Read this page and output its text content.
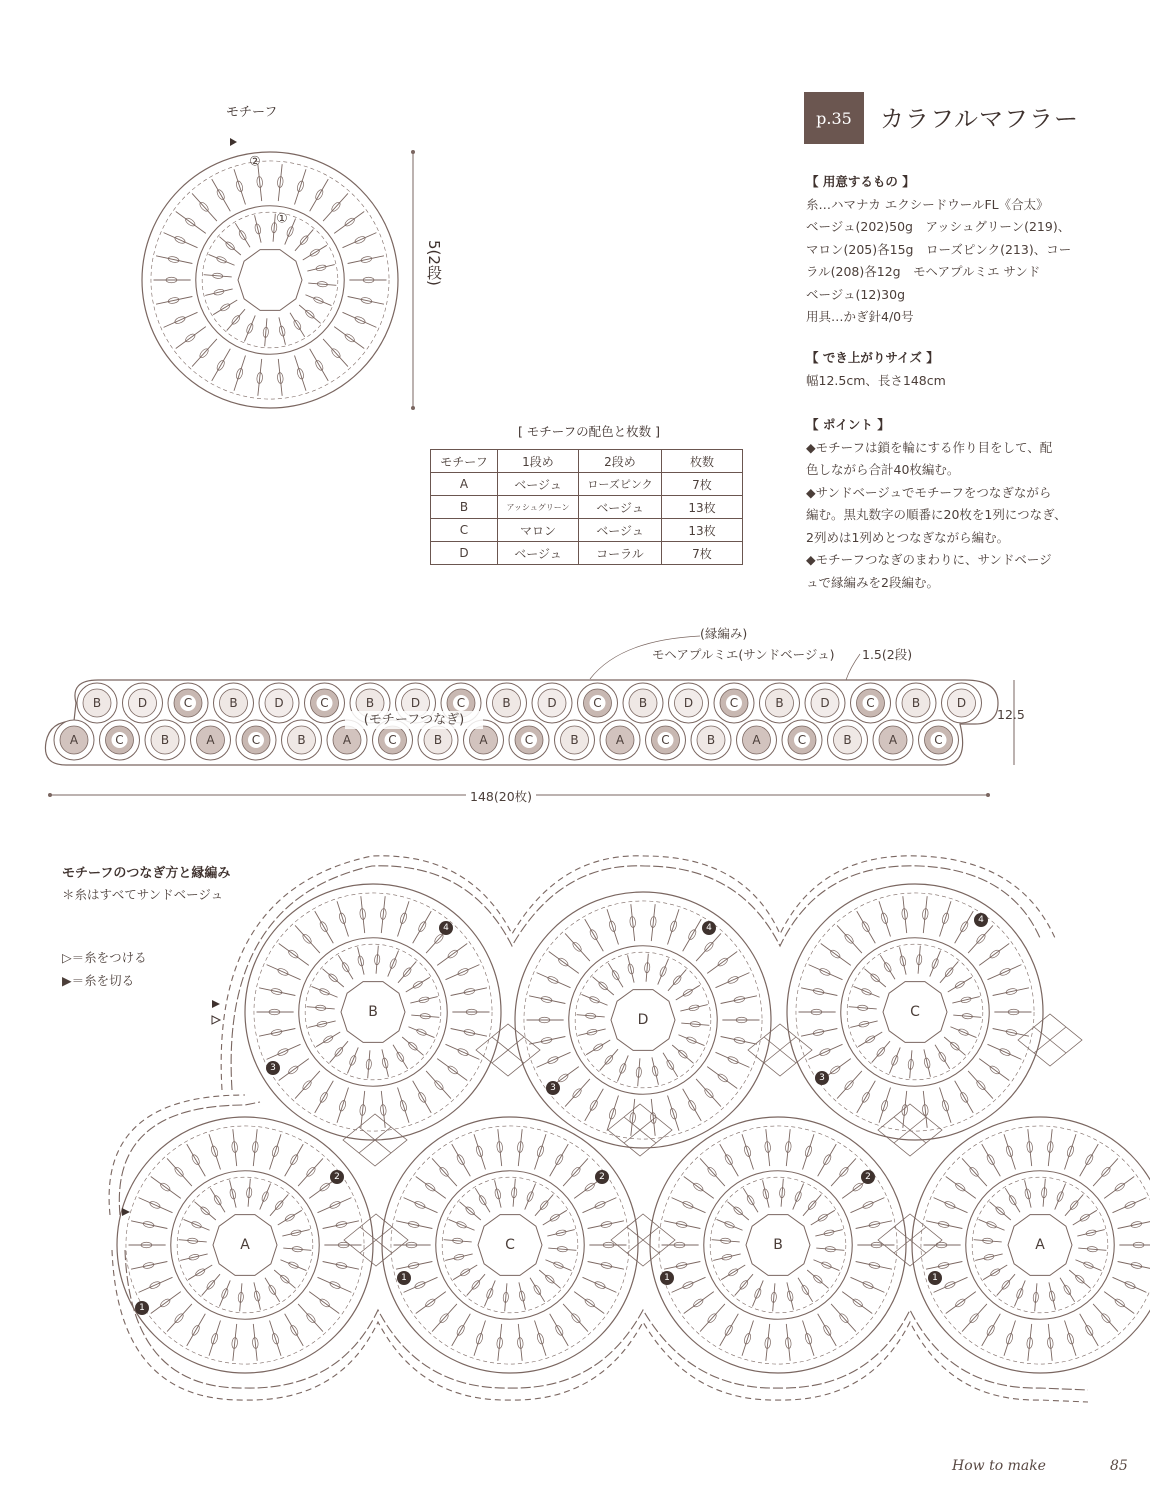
②
①
B	D	C	B	D	C	B	D	C	B	D	C	B	D	C	B	D	C	B	D
A	C	B	A	C	B	A	C	B	A	C	B	A	C	B	A	C	B	A	C
(モチーフつなぎ)
B	D	C
A	C	B	A
4
3
4
3
4
3
2
1
2
1
2
1	1
モチーフ
5(2段)
p.35	カラフルマフラー
【 用意するもの 】
糸…ハマナカ エクシードウールFL《合太》
ベージュ(202)50g　アッシュグリーン(219)、
マロン(205)各15g　ローズピンク(213)、コー
ラル(208)各12g　モヘアプルミエ サンド
ベージュ(12)30g
用具…かぎ針4/0号
【 でき上がりサイズ 】
幅12.5cm、長さ148cm
【 ポイント 】
◆モチーフは鎖を輪にする作り目をして、配
色しながら合計40枚編む。
◆サンドベージュでモチーフをつなぎながら
編む。黒丸数字の順番に20枚を1列につなぎ、
2列めは1列めとつなぎながら編む。
◆モチーフつなぎのまわりに、サンドベージ
ュで縁編みを2段編む。
[ モチーフの配色と枚数 ]
モチーフ	1段め	2段め	枚数
A	ベージュ	ローズピンク	7枚
B	アッシュグリーン	ベージュ	13枚
C	マロン	ベージュ	13枚
D	ベージュ	コーラル	7枚
(縁編み)
モヘアプルミエ(サンドベージュ) 1.5(2段)
12.5
148(20枚)
モチーフのつなぎ方と縁編み
＊糸はすべてサンドベージュ
▷＝糸をつける
▶＝糸を切る
How to make	85
